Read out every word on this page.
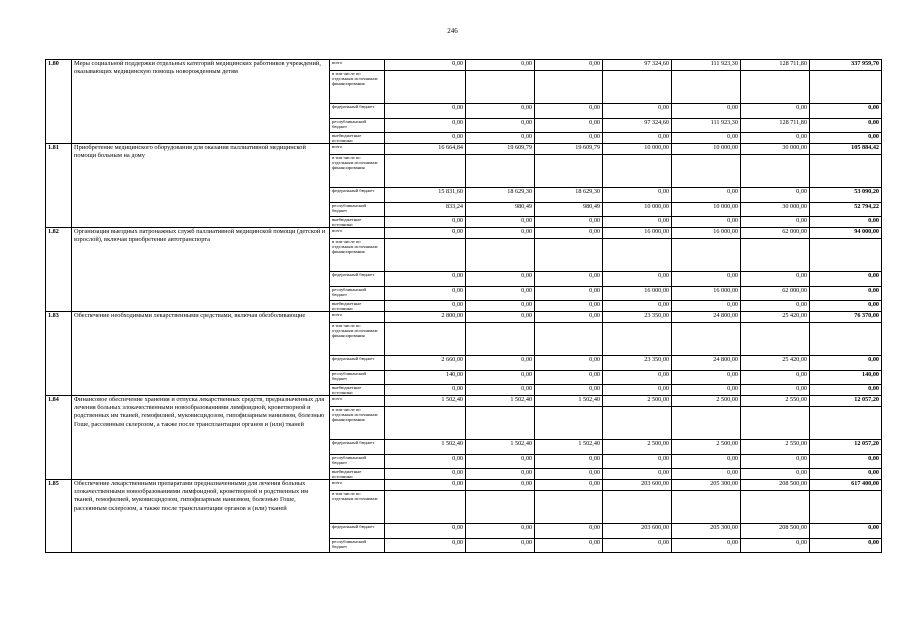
246
1.80	Меры социальной поддержки отдельных категорий медицинских работников учреждений, оказывающих медицинскую помощь новорожденным детям	всего	0,00	0,00	0,00	97 324,60	111 923,30	128 711,80	337 959,70
		в том числе по отдельным источникам финансирования							
		федеральный бюджет	0,00	0,00	0,00	0,00	0,00	0,00	0,00
		республиканский бюджет	0,00	0,00	0,00	97 324,60	111 923,30	128 711,80	0,00
		внебюджетные источники	0,00	0,00	0,00	0,00	0,00	0,00	0,00
1.81	Приобретение медицинского оборудования для оказания паллиативной медицинской помощи больным на дому	всего	16 664,84	19 609,79	19 609,79	10 000,00	10 000,00	30 000,00	105 884,42
		в том числе по отдельным источникам финансирования							
		федеральный бюджет	15 831,60	18 629,30	18 629,30	0,00	0,00	0,00	53 090,20
		республиканский бюджет	833,24	980,49	980,49	10 000,00	10 000,00	30 000,00	52 794,22
		внебюджетные источники	0,00	0,00	0,00	0,00	0,00	0,00	0,00
1.82	Организация выездных патронажных служб паллиативной медицинской помощи (детской и взрослой), включая приобретение автотранспорта	всего	0,00	0,00	0,00	16 000,00	16 000,00	62 000,00	94 000,00
		в том числе по отдельным источникам финансирования							
		федеральный бюджет	0,00	0,00	0,00	0,00	0,00	0,00	0,00
		республиканский бюджет	0,00	0,00	0,00	16 000,00	16 000,00	62 000,00	0,00
		внебюджетные источники	0,00	0,00	0,00	0,00	0,00	0,00	0,00
1.83	Обеспечение необходимыми лекарственными средствами, включая обезболивающие	всего	2 800,00	0,00	0,00	23 350,00	24 800,00	25 420,00	76 370,00
		в том числе по отдельным источникам финансирования							
		федеральный бюджет	2 660,00	0,00	0,00	23 350,00	24 800,00	25 420,00	0,00
		республиканский бюджет	140,00	0,00	0,00	0,00	0,00	0,00	140,00
		внебюджетные источники	0,00	0,00	0,00	0,00	0,00	0,00	0,00
1.84	Финансовое обеспечение хранения и отпуска лекарственных средств, предназначенных для лечения больных злокачественными новообразованиями лимфоидной, кроветворной и родственных им тканей, гемофилией, муковисцидозом, гипофизарным нанизмом, болезнью Гоше, рассеянным склерозом, а также после трансплантации органов и (или) тканей	всего	1 502,40	1 502,40	1 502,40	2 500,00	2 500,00	2 550,00	12 057,20
		в том числе по отдельным источникам финансирования							
		федеральный бюджет	1 502,40	1 502,40	1 502,40	2 500,00	2 500,00	2 550,00	12 057,20
		республиканский бюджет	0,00	0,00	0,00	0,00	0,00	0,00	0,00
		внебюджетные источники	0,00	0,00	0,00	0,00	0,00	0,00	0,00
1.85	Обеспечение лекарственными препаратами предназначенными для лечения больных злокачественными новообразованиями лимфоидной, кроветворной и родственных им тканей, гемофилией, муковисцидозом, гипофизарным нанизмом, болезнью Гоше, рассеянным склерозом, а также после трансплантации органов и (или) тканей	всего	0,00	0,00	0,00	203 600,00	205 300,00	208 500,00	617 400,00
		в том числе по отдельным источникам							
		федеральный бюджет	0,00	0,00	0,00	203 600,00	205 300,00	208 500,00	0,00
		республиканский бюджет	0,00	0,00	0,00	0,00	0,00	0,00	0,00
